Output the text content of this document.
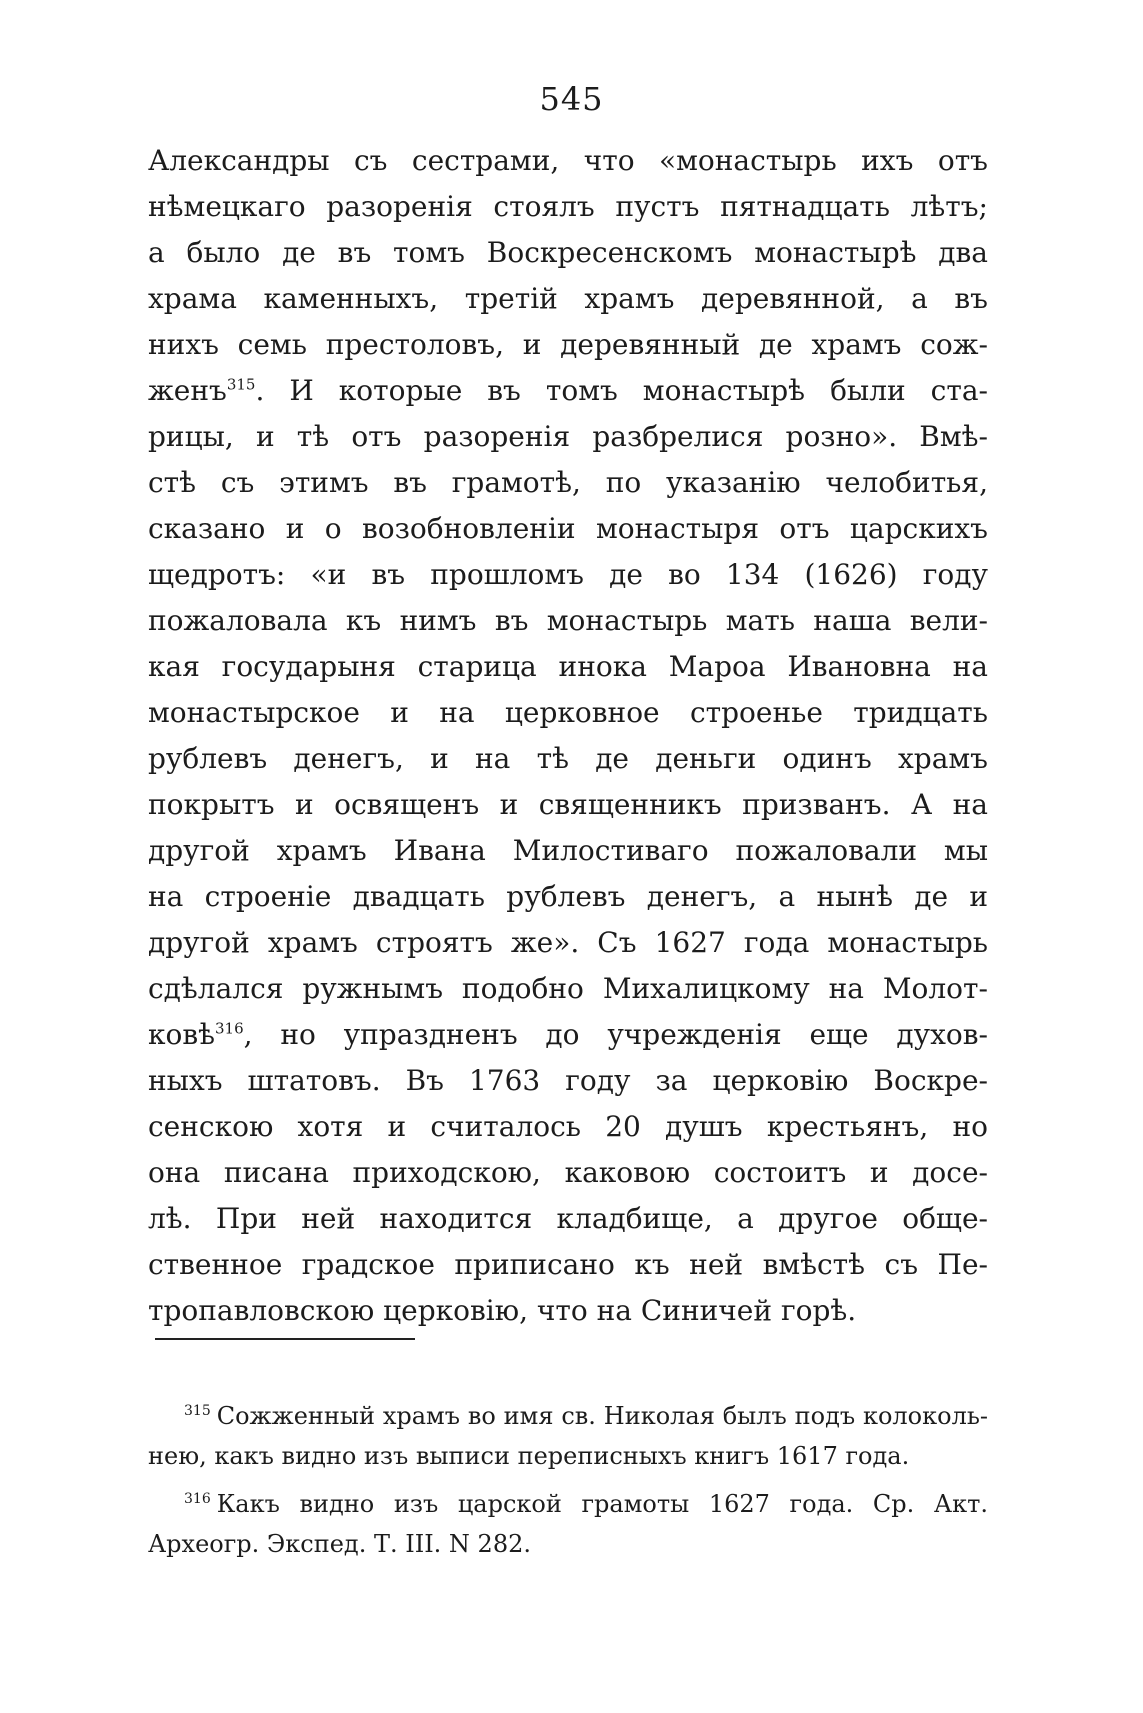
545
Александры съ сестрами, что «монастырь ихъ отъ
нѣмецкаго разоренія стоялъ пустъ пятнадцать лѣтъ;
а было де въ томъ Воскресенскомъ монастырѣ два
храма каменныхъ, третій храмъ деревянной, а въ
нихъ семь престоловъ, и деревянный де храмъ сож-
женъ$^{315}$. И которые въ томъ монастырѣ были ста-
рицы, и тѣ отъ разоренія разбрелися розно». Вмѣ-
стѣ съ этимъ въ грамотѣ, по указанію челобитья,
сказано и о возобновленіи монастыря отъ царскихъ
щедротъ: «и въ прошломъ де во 134 (1626) году
пожаловала къ нимъ въ монастырь мать наша вели-
кая государыня старица инока Мароа Ивановна на
монастырское и на церковное строенье тридцать
рублевъ денегъ, и на тѣ де деньги одинъ храмъ
покрытъ и освященъ и священникъ призванъ. А на
другой храмъ Ивана Милостиваго пожаловали мы
на строеніе двадцать рублевъ денегъ, а нынѣ де и
другой храмъ строятъ же». Съ 1627 года монастырь
сдѣлался ружнымъ подобно Михалицкому на Молот-
ковѣ$^{316}$, но упраздненъ до учрежденія еще духов-
ныхъ штатовъ. Въ 1763 году за церковію Воскре-
сенскою хотя и считалось 20 душъ крестьянъ, но
она писана приходскою, каковою состоитъ и досе-
лѣ. При ней находится кладбище, а другое обще-
ственное градское приписано къ ней вмѣстѣ съ Пе-
тропавловскою церковію, что на Синичей горѣ.
$^{315}$ Сожженный храмъ во имя св. Николая былъ подъ колоколь-
нею, какъ видно изъ выписи переписныхъ книгъ 1617 года.
$^{316}$ Какъ видно изъ царской грамоты 1627 года. Ср. Акт.
Археогр. Экспед. Т. III. N 282.
